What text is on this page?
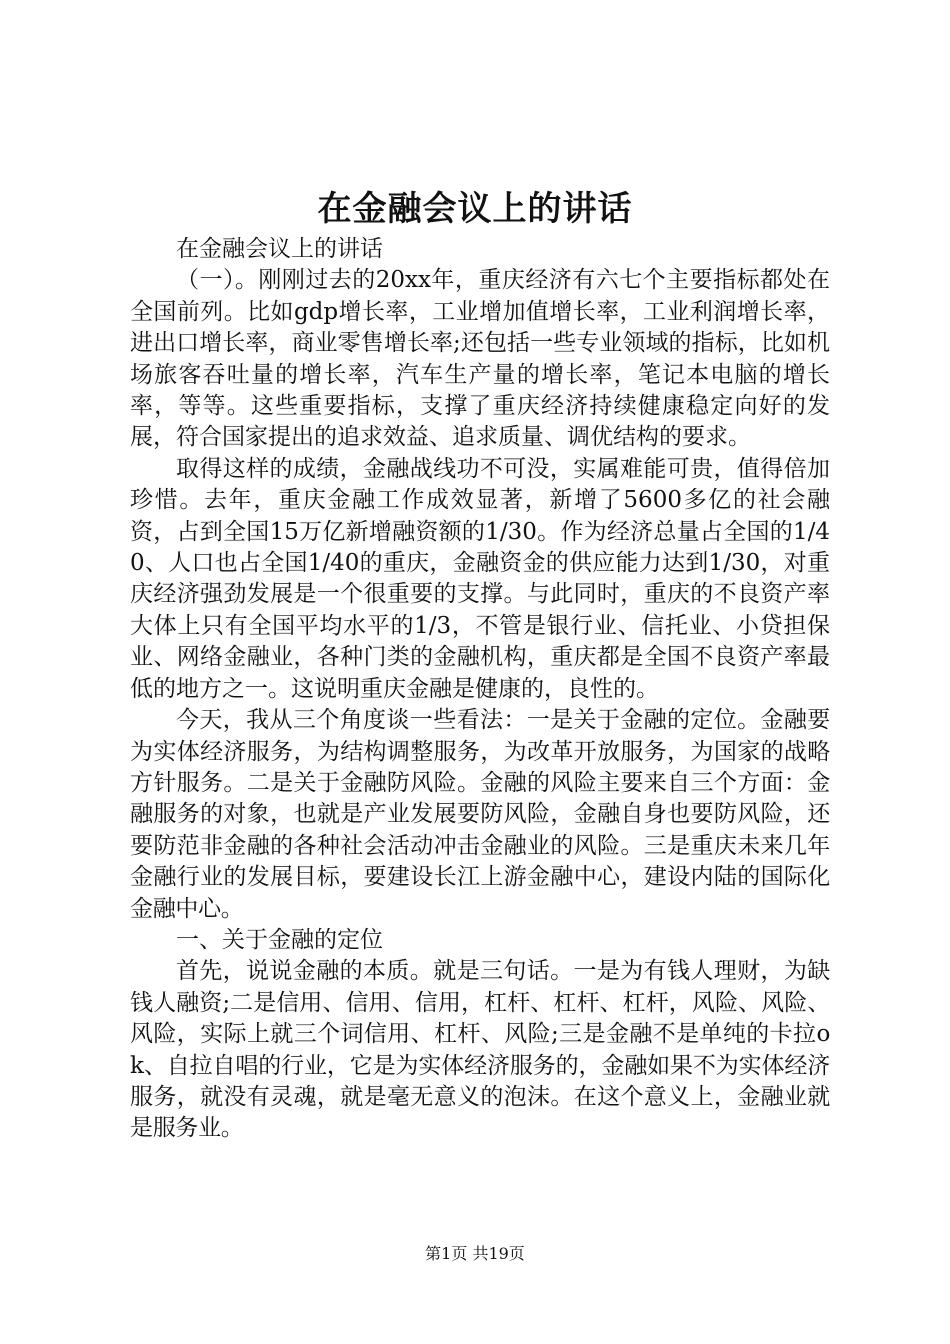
在金融会议上的讲话

在金融会议上的讲话

（一）。刚刚过去的20xx年，重庆经济有六七个主要指标都处在全国前列。比如gdp增长率，工业增加值增长率，工业利润增长率，进出口增长率，商业零售增长率;还包括一些专业领域的指标，比如机场旅客吞吐量的增长率，汽车生产量的增长率，笔记本电脑的增长率，等等。这些重要指标，支撑了重庆经济持续健康稳定向好的发展，符合国家提出的追求效益、追求质量、调优结构的要求。

取得这样的成绩，金融战线功不可没，实属难能可贵，值得倍加珍惜。去年，重庆金融工作成效显著，新增了5600多亿的社会融资，占到全国15万亿新增融资额的1/30。作为经济总量占全国的1/40、人口也占全国1/40的重庆，金融资金的供应能力达到1/30，对重庆经济强劲发展是一个很重要的支撑。与此同时，重庆的不良资产率大体上只有全国平均水平的1/3，不管是银行业、信托业、小贷担保业、网络金融业，各种门类的金融机构，重庆都是全国不良资产率最低的地方之一。这说明重庆金融是健康的，良性的。

今天，我从三个角度谈一些看法：一是关于金融的定位。金融要为实体经济服务，为结构调整服务，为改革开放服务，为国家的战略方针服务。二是关于金融防风险。金融的风险主要来自三个方面：金融服务的对象，也就是产业发展要防风险，金融自身也要防风险，还要防范非金融的各种社会活动冲击金融业的风险。三是重庆未来几年金融行业的发展目标，要建设长江上游金融中心，建设内陆的国际化金融中心。

一、关于金融的定位

首先，说说金融的本质。就是三句话。一是为有钱人理财，为缺钱人融资;二是信用、信用、信用，杠杆、杠杆、杠杆，风险、风险、风险，实际上就三个词信用、杠杆、风险;三是金融不是单纯的卡拉ok、自拉自唱的行业，它是为实体经济服务的，金融如果不为实体经济服务，就没有灵魂，就是毫无意义的泡沫。在这个意义上，金融业就是服务业。

第1页 共19页
